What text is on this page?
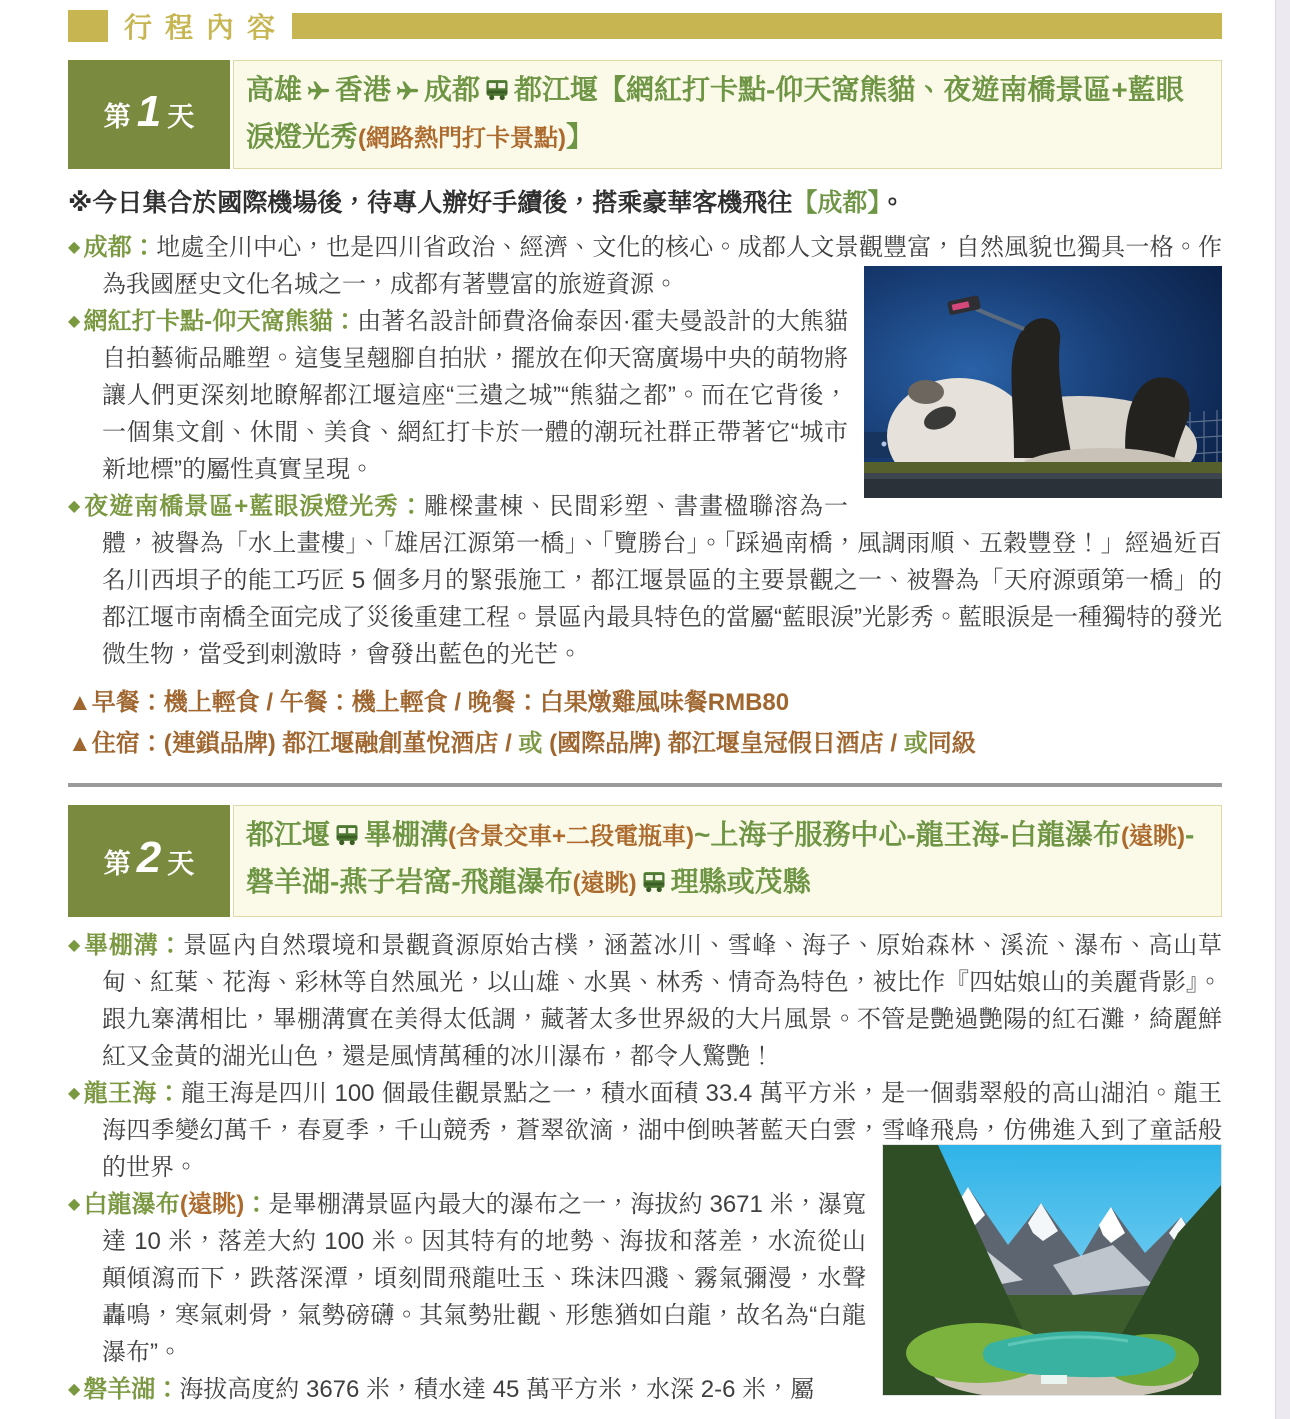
行程內容
第 1 天
高雄 香港 成都 都江堰【網紅打卡點-仰天窩熊貓、夜遊南橋景區+藍眼淚燈光秀(網路熱門打卡景點)】
※今日集合於國際機場後，待專人辦好手續後，搭乘豪華客機飛往【成都】。

◆ 成都：地處全川中心，也是四川省政治、經濟、文化的核心。成都人文景觀豐富，自然風貌也獨具一格。作為我國歷史文化名城之一，成都有著豐富的旅遊資源。

◆ 網紅打卡點-仰天窩熊貓：由著名設計師費洛倫泰因·霍夫曼設計的大熊貓自拍藝術品雕塑。這隻呈翹腳自拍狀，擺放在仰天窩廣場中央的萌物將讓人們更深刻地瞭解都江堰這座“三遺之城”“熊貓之都”。而在它背後，一個集文創、休閒、美食、網紅打卡於一體的潮玩社群正帶著它“城市新地標”的屬性真實呈現。

◆ 夜遊南橋景區+藍眼淚燈光秀：雕樑畫棟、民間彩塑、書畫楹聯溶為一體，被譽為「水上畫樓」、「雄居江源第一橋」、「覽勝台」。「踩過南橋，風調雨順、五穀豐登！」經過近百名川西垻子的能工巧匠 5 個多月的緊張施工，都江堰景區的主要景觀之一、被譽為「天府源頭第一橋」的都江堰市南橋全面完成了災後重建工程。景區內最具特色的當屬“藍眼淚”光影秀。藍眼淚是一種獨特的發光微生物，當受到刺激時，會發出藍色的光芒。

▲早餐：機上輕食 / 午餐：機上輕食 / 晚餐：白果燉雞風味餐RMB80
▲住宿：(連鎖品牌) 都江堰融創堇悅酒店 / 或 (國際品牌) 都江堰皇冠假日酒店 / 或同級
第 2 天
都江堰 畢棚溝(含景交車+二段電瓶車)~上海子服務中心-龍王海-白龍瀑布(遠眺)-磐羊湖-燕子岩窩-飛龍瀑布(遠眺) 理縣或茂縣

◆ 畢棚溝：景區內自然環境和景觀資源原始古樸，涵蓋冰川、雪峰、海子、原始森林、溪流、瀑布、高山草甸、紅葉、花海、彩林等自然風光，以山雄、水異、林秀、情奇為特色，被比作『四姑娘山的美麗背影』。跟九寨溝相比，畢棚溝實在美得太低調，藏著太多世界級的大片風景。不管是艷過艷陽的紅石灘，綺麗鮮紅又金黃的湖光山色，還是風情萬種的冰川瀑布，都令人驚艷！

◆ 龍王海：龍王海是四川 100 個最佳觀景點之一，積水面積 33.4 萬平方米，是一個翡翠般的高山湖泊。龍王海四季變幻萬千，春夏季，千山競秀，蒼翠欲滴，湖中倒映著藍天白雲，雪峰飛鳥，仿佛進入到了童話般的世界。

◆ 白龍瀑布(遠眺)：是畢棚溝景區內最大的瀑布之一，海拔約 3671 米，瀑寬達 10 米，落差大約 100 米。因其特有的地勢、海拔和落差，水流從山顛傾瀉而下，跌落深潭，頃刻間飛龍吐玉、珠沫四濺、霧氣彌漫，水聲轟鳴，寒氣刺骨，氣勢磅礴。其氣勢壯觀、形態猶如白龍，故名為“白龍瀑布”。

◆ 磐羊湖：海拔高度約 3676 米，積水達 45 萬平方米，水深 2-6 米，屬
